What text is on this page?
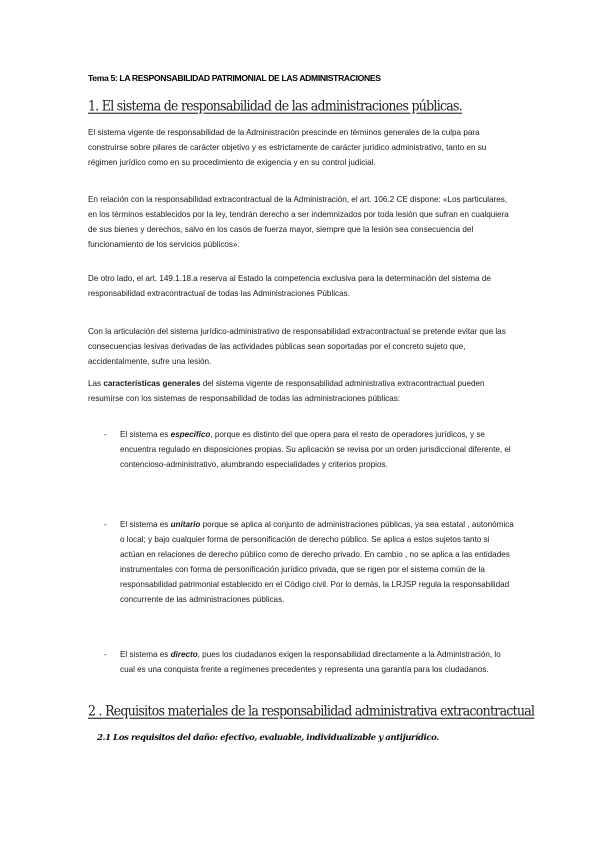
Tema 5: LA RESPONSABILIDAD PATRIMONIAL DE LAS ADMINISTRACIONES
1. El sistema de responsabilidad de las administraciones públicas.

El sistema vigente de responsabilidad de la Administración prescinde en términos generales de la culpa para construirse sobre pilares de carácter objetivo y es estrictamente de carácter jurídico administrativo, tanto en su régimen jurídico como en su procedimiento de exigencia y en su control judicial.

En relación con la responsabilidad extracontractual de la Administración, el art. 106.2 CE dispone: «Los particulares, en los términos establecidos por la ley, tendrán derecho a ser indemnizados por toda lesión que sufran en cualquiera de sus bienes y derechos, salvo en los casos de fuerza mayor, siempre que la lesión sea consecuencia del funcionamiento de los servicios públicos».

De otro lado, el art. 149.1.18.a reserva al Estado la competencia exclusiva para la determinación del sistema de responsabilidad extracontractual de todas las Administraciones Públicas.

Con la articulación del sistema jurídico-administrativo de responsabilidad extracontractual se pretende evitar que las consecuencias lesivas derivadas de las actividades públicas sean soportadas por el concreto sujeto que, accidentalmente, sufre una lesión.

Las características generales del sistema vigente de responsabilidad administrativa extracontractual pueden resumirse con los sistemas de responsabilidad de todas las administraciones públicas:

- El sistema es específico, porque es distinto del que opera para el resto de operadores jurídicos, y se encuentra regulado en disposiciones propias. Su aplicación se revisa por un orden jurisdiccional diferente, el contencioso-administrativo, alumbrando especialidades y criterios propios.

- El sistema es unitario porque se aplica al conjunto de administraciones públicas, ya sea estatal , autonómica o local; y bajo cualquier forma de personificación de derecho público. Se aplica a estos sujetos tanto si actúan en relaciones de derecho público como de derecho privado. En cambio , no se aplica a las entidades instrumentales con forma de personificación jurídico privada, que se rigen por el sistema común de la responsabilidad patrimonial establecido en el Código civil. Por lo demás, la LRJSP regula la responsabilidad concurrente de las administraciones públicas.

- El sistema es directo, pues los ciudadanos exigen la responsabilidad directamente a la Administración, lo cual es una conquista frente a regímenes precedentes y representa una garantía para los ciudadanos.

2 . Requisitos materiales de la responsabilidad administrativa extracontractual
2.1 Los requisitos del daño: efectivo, evaluable, individualizable y antijurídico.
